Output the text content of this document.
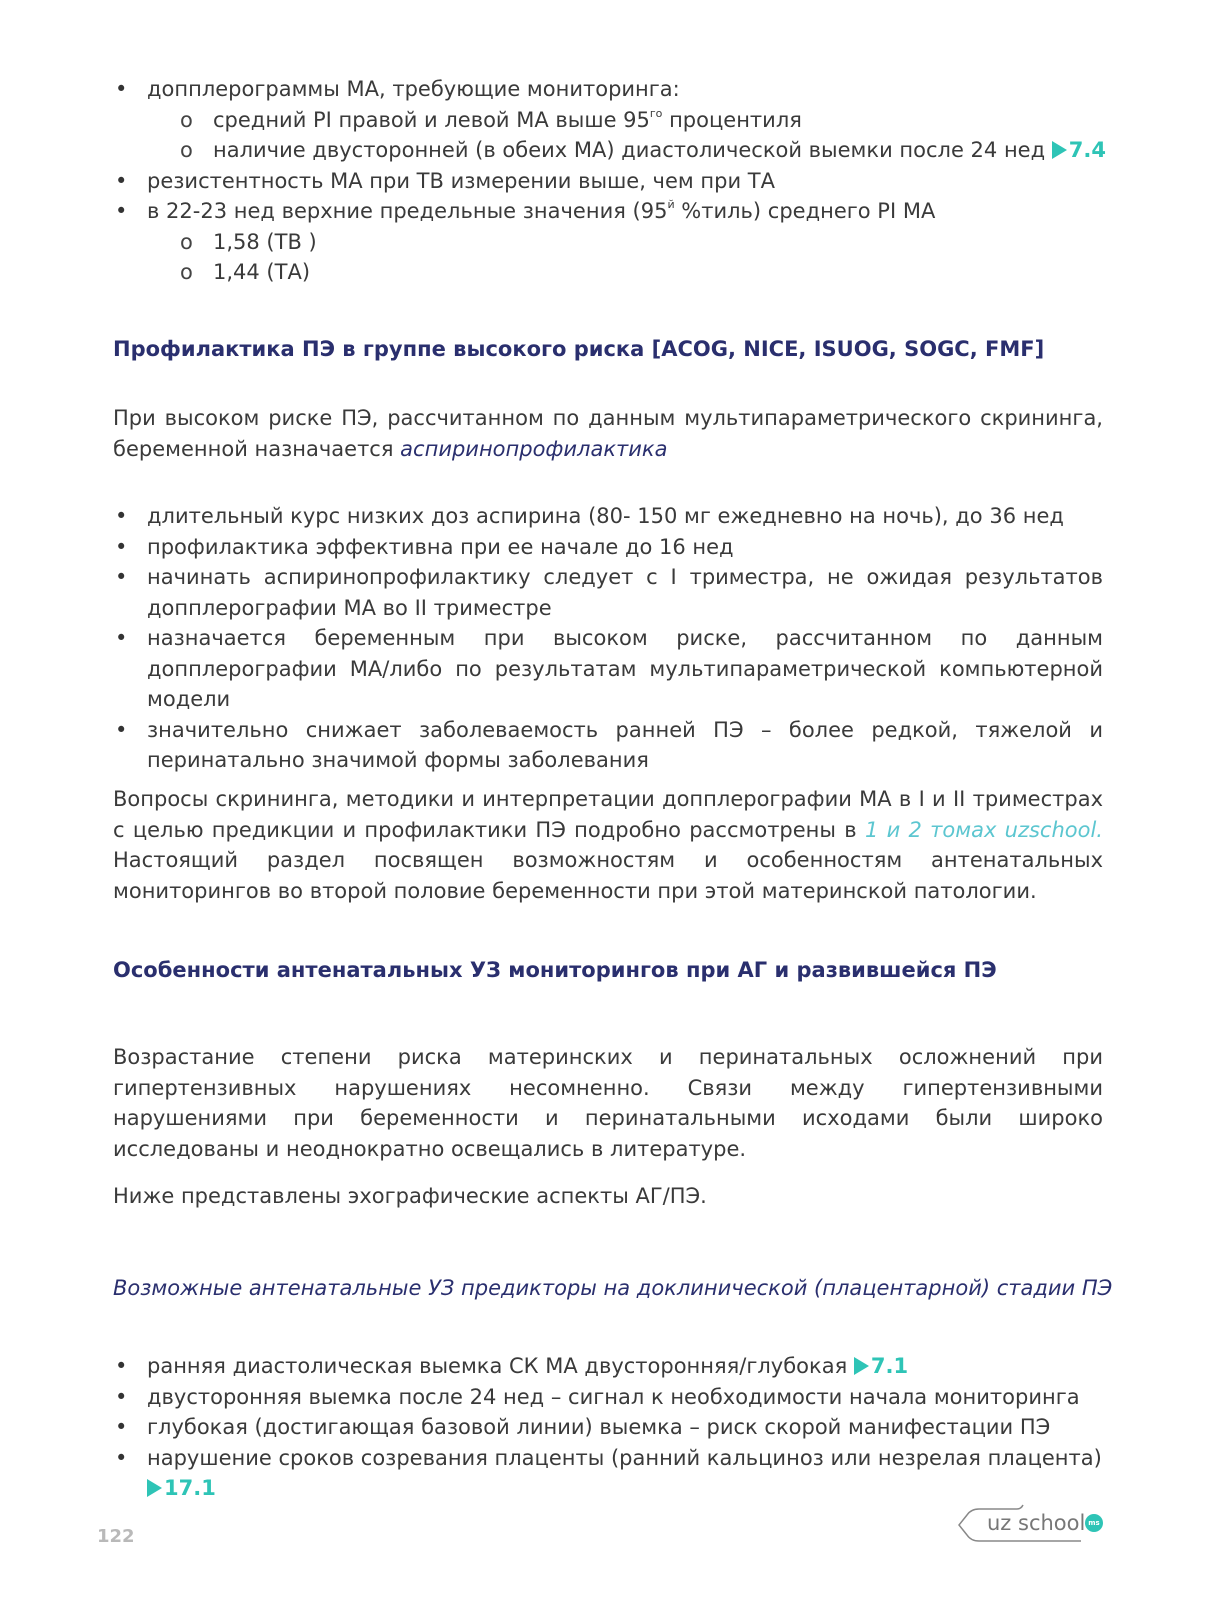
• допплерограммы МА, требующие мониторинга:
o средний PI правой и левой МА выше $95^{го}$ процентиля
o наличие двусторонней (в обеих МА) диастолической выемки после 24 нед 7.4
• резистентность МА при ТВ измерении выше, чем при ТА
• в 22-23 нед верхние предельные значения ($95^й$ %тиль) среднего PI МА
o 1,58 (ТВ )
o 1,44 (ТА)
Профилактика ПЭ в группе высокого риска [ACOG, NICE, ISUOG, SOGC, FMF]

При высоком риске ПЭ, рассчитанном по данным мультипараметрического скрининга, беременной назначается аспиринопрофилактика

• длительный курс низких доз аспирина (80- 150 мг ежедневно на ночь), до 36 нед
• профилактика эффективна при ее начале до 16 нед
• начинать аспиринопрофилактику следует с I триместра, не ожидая результатов допплерографии МА во II триместре
• назначается беременным при высоком риске, рассчитанном по данным допплерографии МА/либо по результатам мультипараметрической компьютерной модели
• значительно снижает заболеваемость ранней ПЭ – более редкой, тяжелой и перинатально значимой формы заболевания

Вопросы скрининга, методики и интерпретации допплерографии МА в I и II триместрах с целью предикции и профилактики ПЭ подробно рассмотрены в 1 и 2 томах uzschool. Настоящий раздел посвящен возможностям и особенностям антенатальных мониторингов во второй половие беременности при этой материнской патологии.

Особенности антенатальных УЗ мониторингов при АГ и развившейся ПЭ

Возрастание степени риска материнских и перинатальных осложнений при гипертензивных нарушениях несомненно. Связи между гипертензивными нарушениями при беременности и перинатальными исходами были широко исследованы и неоднократно освещались в литературе.

Ниже представлены эхографические аспекты АГ/ПЭ.

Возможные антенатальные УЗ предикторы на доклинической (плацентарной) стадии ПЭ
• ранняя диастолическая выемка СК МА двусторонняя/глубокая 7.1
• двусторонняя выемка после 24 нед – сигнал к необходимости начала мониторинга
• глубокая (достигающая базовой линии) выемка – риск скорой манифестации ПЭ
• нарушение сроков созревания плаценты (ранний кальциноз или незрелая плацента) 17.1
122
uz school ms
